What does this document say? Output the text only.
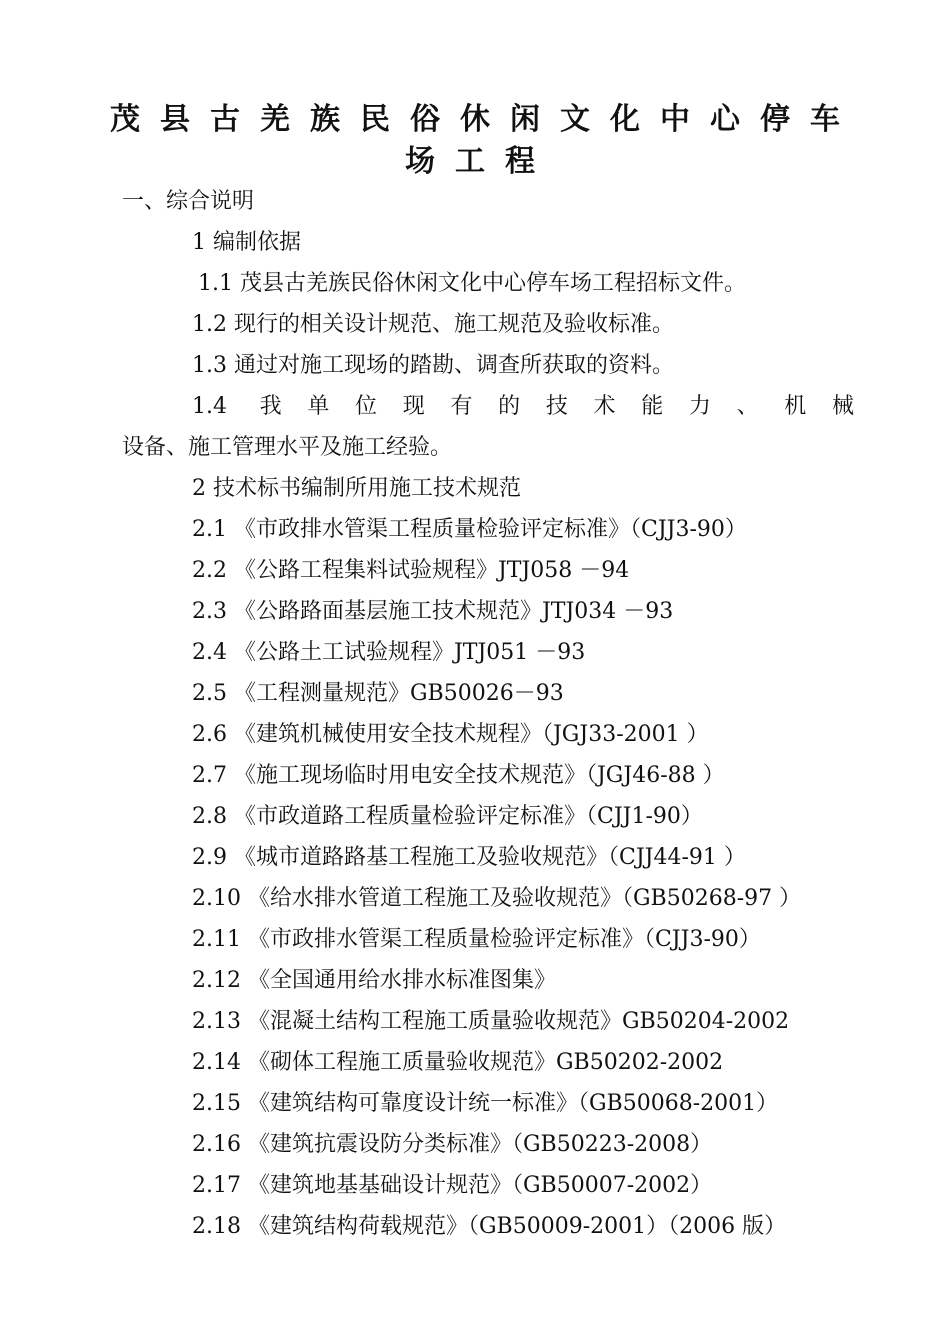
茂县古羌族民俗休闲文化中心停车
场工程
一、综合说明
1 编制依据
1.1 茂县古羌族民俗休闲文化中心停车场工程招标文件。
1.2 现行的相关设计规范、施工规范及验收标准。
1.3 通过对施工现场的踏勘、调查所获取的资料。
1.4 我单位现有的技术能力、机械
设备、施工管理水平及施工经验。
2 技术标书编制所用施工技术规范
2.1 《市政排水管渠工程质量检验评定标准》（CJJ3-90）
2.2 《公路工程集料试验规程》JTJ058 －94
2.3 《公路路面基层施工技术规范》JTJ034 －93
2.4 《公路土工试验规程》JTJ051 －93
2.5 《工程测量规范》GB50026－93
2.6 《建筑机械使用安全技术规程》（JGJ33-2001 ）
2.7 《施工现场临时用电安全技术规范》（JGJ46-88 ）
2.8 《市政道路工程质量检验评定标准》（CJJ1-90）
2.9 《城市道路路基工程施工及验收规范》（CJJ44-91 ）
2.10 《给水排水管道工程施工及验收规范》（GB50268-97 ）
2.11 《市政排水管渠工程质量检验评定标准》（CJJ3-90）
2.12 《全国通用给水排水标准图集》
2.13 《混凝土结构工程施工质量验收规范》GB50204-2002
2.14 《砌体工程施工质量验收规范》GB50202-2002
2.15 《建筑结构可靠度设计统一标准》（GB50068-2001）
2.16 《建筑抗震设防分类标准》（GB50223-2008）
2.17 《建筑地基基础设计规范》（GB50007-2002）
2.18 《建筑结构荷载规范》（GB50009-2001）（2006 版）
